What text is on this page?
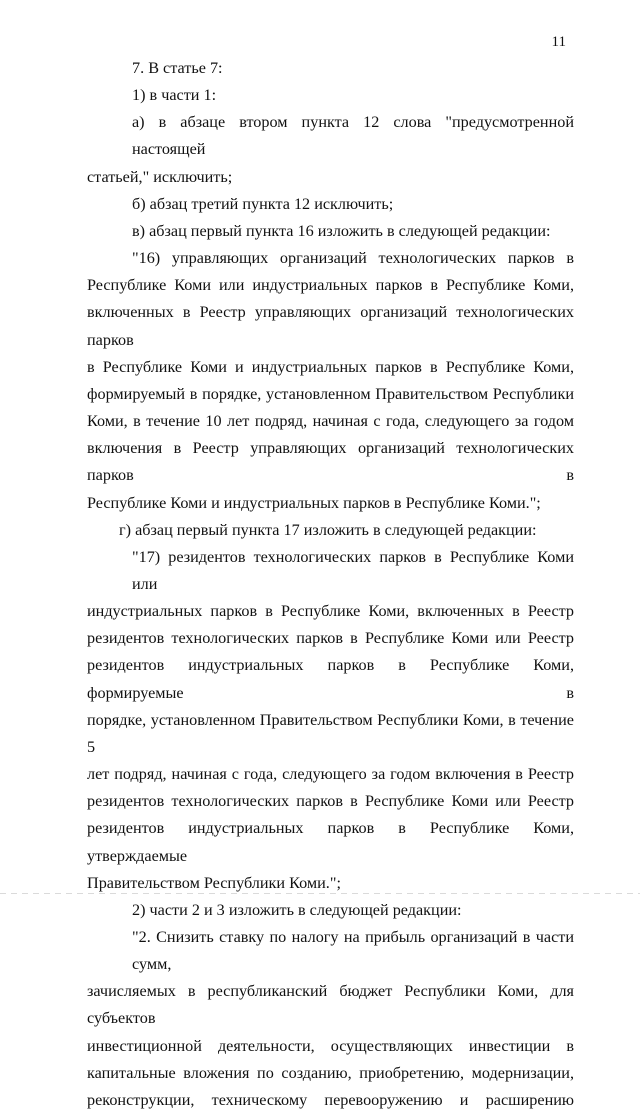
11
7. В статье 7:
1) в части 1:
а) в абзаце втором пункта 12 слова "предусмотренной настоящей
статьей," исключить;
б) абзац третий пункта 12 исключить;
в) абзац первый пункта 16 изложить в следующей редакции:
"16) управляющих организаций технологических парков в
Республике Коми или индустриальных парков в Республике Коми,
включенных в Реестр управляющих организаций технологических парков
в Республике Коми и индустриальных парков в Республике Коми,
формируемый в порядке, установленном Правительством Республики
Коми, в течение 10 лет подряд, начиная с года, следующего за годом
включения в Реестр управляющих организаций технологических парков в
Республике Коми и индустриальных парков в Республике Коми.";
г) абзац первый пункта 17 изложить в следующей редакции:
"17) резидентов технологических парков в Республике Коми или
индустриальных парков в Республике Коми, включенных в Реестр
резидентов технологических парков в Республике Коми или Реестр
резидентов индустриальных парков в Республике Коми, формируемые в
порядке, установленном Правительством Республики Коми, в течение 5
лет подряд, начиная с года, следующего за годом включения в Реестр
резидентов технологических парков в Республике Коми или Реестр
резидентов индустриальных парков в Республике Коми, утверждаемые
Правительством Республики Коми.";
2) части 2 и 3 изложить в следующей редакции:
"2. Снизить ставку по налогу на прибыль организаций в части сумм,
зачисляемых в республиканский бюджет Республики Коми, для субъектов
инвестиционной деятельности, осуществляющих инвестиции в
капитальные вложения по созданию, приобретению, модернизации,
реконструкции, техническому перевооружению и расширению
